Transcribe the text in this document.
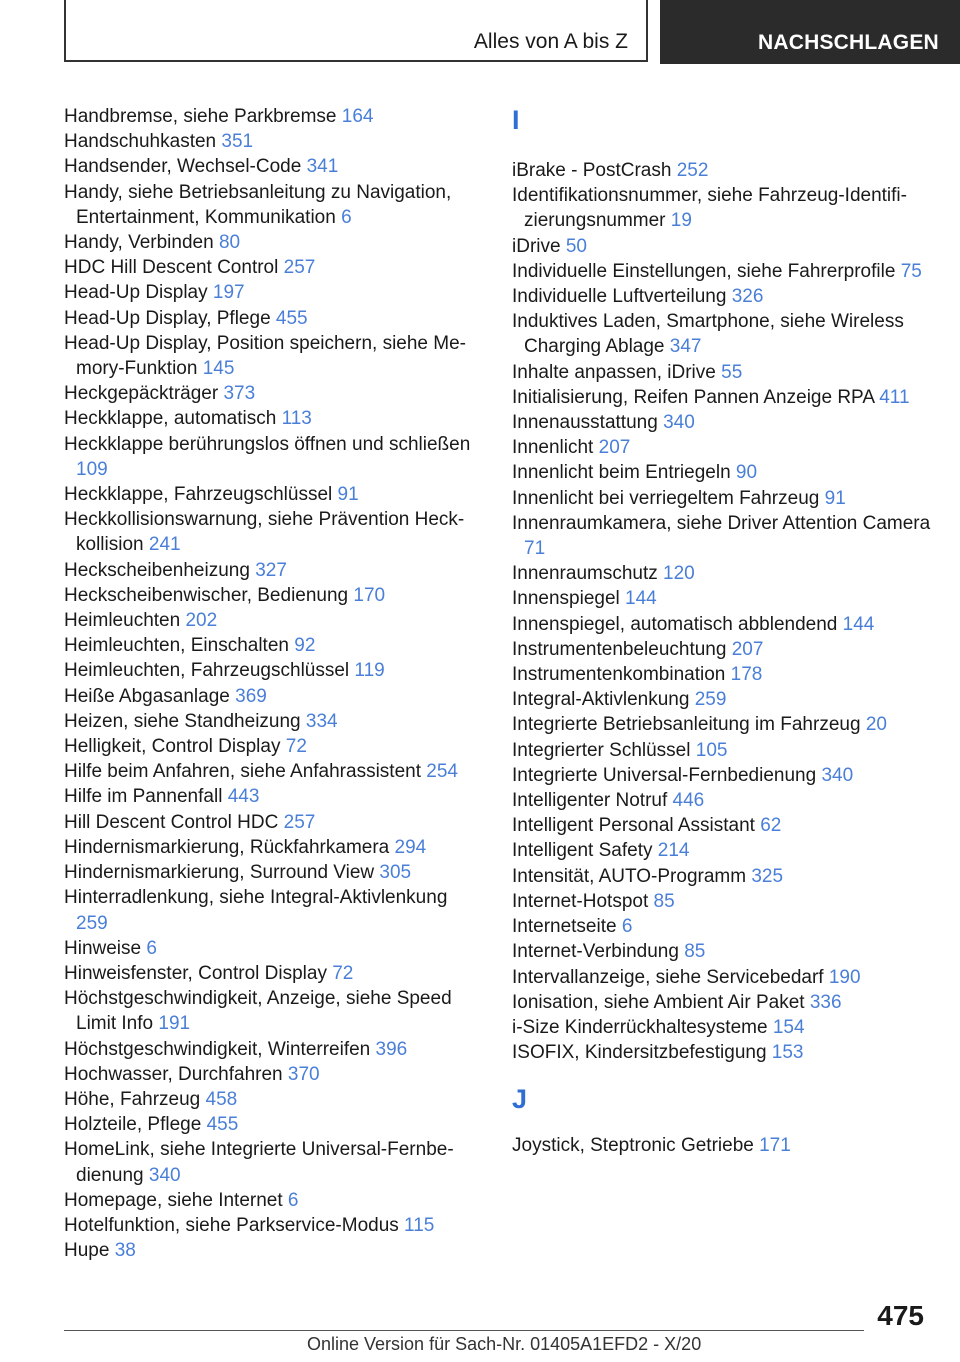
Alles von A bis Z	NACHSCHLAGEN

Handbremse, siehe Parkbremse 164

Handschuhkasten 351

Handsender, Wechsel-Code 341

Handy, siehe Betriebsanleitung zu Navigation, Entertainment, Kommunikation 6

Handy, Verbinden 80

HDC Hill Descent Control 257

Head-Up Display 197

Head-Up Display, Pflege 455

Head-Up Display, Position speichern, siehe Memory-Funktion 145

Heckgepäckträger 373

Heckklappe, automatisch 113

Heckklappe berührungslos öffnen und schließen 109

Heckklappe, Fahrzeugschlüssel 91

Heckkollisionswarnung, siehe Prävention Heckkollision 241

Heckscheibenheizung 327

Heckscheibenwischer, Bedienung 170

Heimleuchten 202

Heimleuchten, Einschalten 92

Heimleuchten, Fahrzeugschlüssel 119

Heiße Abgasanlage 369

Heizen, siehe Standheizung 334

Helligkeit, Control Display 72

Hilfe beim Anfahren, siehe Anfahrassistent 254

Hilfe im Pannenfall 443

Hill Descent Control HDC 257

Hindernismarkierung, Rückfahrkamera 294

Hindernismarkierung, Surround View 305

Hinterradlenkung, siehe Integral-Aktivlenkung 259

Hinweise 6

Hinweisfenster, Control Display 72

Höchstgeschwindigkeit, Anzeige, siehe Speed Limit Info 191

Höchstgeschwindigkeit, Winterreifen 396

Hochwasser, Durchfahren 370

Höhe, Fahrzeug 458

Holzteile, Pflege 455

HomeLink, siehe Integrierte Universal-Fernbedienung 340

Homepage, siehe Internet 6

Hotelfunktion, siehe Parkservice-Modus 115

Hupe 38

I

iBrake - PostCrash 252

Identifikationsnummer, siehe Fahrzeug-Identifizierungsnummer 19

iDrive 50

Individuelle Einstellungen, siehe Fahrerprofile 75

Individuelle Luftverteilung 326

Induktives Laden, Smartphone, siehe Wireless Charging Ablage 347

Inhalte anpassen, iDrive 55

Initialisierung, Reifen Pannen Anzeige RPA 411

Innenausstattung 340

Innenlicht 207

Innenlicht beim Entriegeln 90

Innenlicht bei verriegeltem Fahrzeug 91

Innenraumkamera, siehe Driver Attention Camera 71

Innenraumschutz 120

Innenspiegel 144

Innenspiegel, automatisch abblendend 144

Instrumentenbeleuchtung 207

Instrumentenkombination 178

Integral-Aktivlenkung 259

Integrierte Betriebsanleitung im Fahrzeug 20

Integrierter Schlüssel 105

Integrierte Universal-Fernbedienung 340

Intelligenter Notruf 446

Intelligent Personal Assistant 62

Intelligent Safety 214

Intensität, AUTO-Programm 325

Internet-Hotspot 85

Internetseite 6

Internet-Verbindung 85

Intervallanzeige, siehe Servicebedarf 190

Ionisation, siehe Ambient Air Paket 336

i-Size Kinderrückhaltesysteme 154

ISOFIX, Kindersitzbefestigung 153

J

Joystick, Steptronic Getriebe 171

475
Online Version für Sach-Nr. 01405A1EFD2 - X/20
